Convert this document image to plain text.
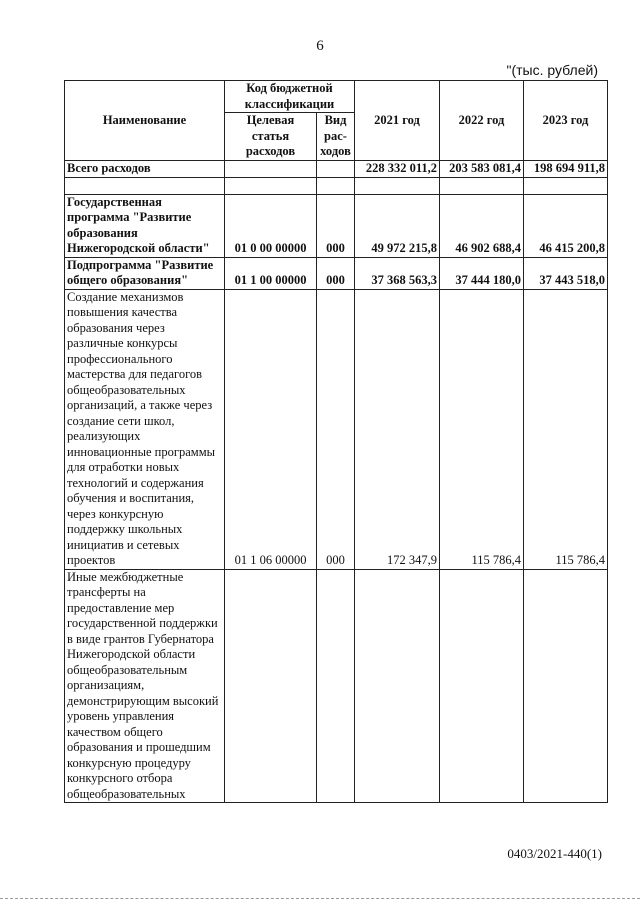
6
"(тыс. рублей)
Наименование	Код бюджетной классификации		2021 год	2022 год	2023 год
	Целевая статья расходов	Вид рас-ходов			
Всего расходов			228 332 011,2	203 583 081,4	198 694 911,8

Государственная программа "Развитие образования Нижегородской области"	01 0 00 00000	000	49 972 215,8	46 902 688,4	46 415 200,8
Подпрограмма "Развитие общего образования"	01 1 00 00000	000	37 368 563,3	37 444 180,0	37 443 518,0
Создание механизмов повышения качества образования через различные конкурсы профессионального мастерства для педагогов общеобразовательных организаций, а также через создание сети школ, реализующих инновационные программы для отработки новых технологий и содержания обучения и воспитания, через конкурсную поддержку школьных инициатив и сетевых проектов	01 1 06 00000	000	172 347,9	115 786,4	115 786,4
Иные межбюджетные трансферты на предоставление мер государственной поддержки в виде грантов Губернатора Нижегородской области общеобразовательным организациям, демонстрирующим высокий уровень управления качеством общего образования и прошедшим конкурсную процедуру конкурсного отбора общеобразовательных					
0403/2021-440(1)
